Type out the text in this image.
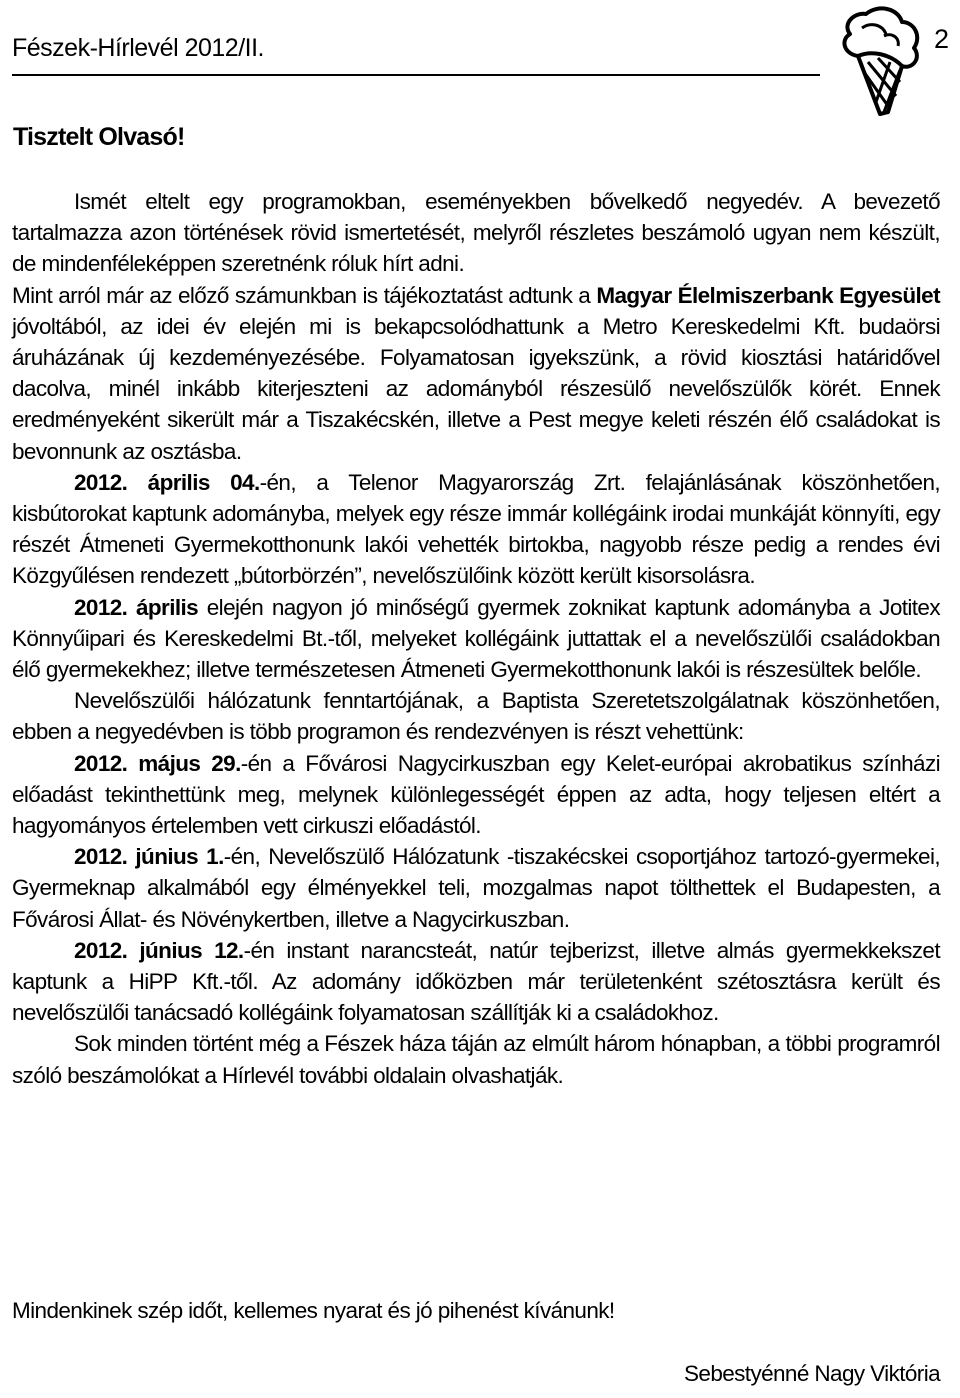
Fészek-Hírlevél 2012/II.	2
Tisztelt Olvasó!

Ismét eltelt egy programokban, eseményekben bővelkedő negyedév. A bevezető tartalmazza azon történések rövid ismertetését, melyről részletes beszámoló ugyan nem készült, de mindenféleképpen szeretnénk róluk hírt adni.

Mint arról már az előző számunkban is tájékoztatást adtunk a Magyar Élelmiszerbank Egyesület jóvoltából, az idei év elején mi is bekapcsolódhattunk a Metro Kereskedelmi Kft. budaörsi áruházának új kezdeményezésébe. Folyamatosan igyekszünk, a rövid kiosztási határidővel dacolva, minél inkább kiterjeszteni az adományból részesülő nevelőszülők körét. Ennek eredményeként sikerült már a Tiszakécskén, illetve a Pest megye keleti részén élő családokat is bevonnunk az osztásba.

2012. április 04.-én, a Telenor Magyarország Zrt. felajánlásának köszönhetően, kisbútorokat kaptunk adományba, melyek egy része immár kollégáink irodai munkáját könnyíti, egy részét Átmeneti Gyermekotthonunk lakói vehették birtokba, nagyobb része pedig a rendes évi Közgyűlésen rendezett „bútorbörzén”, nevelőszülőink között került kisorsolásra.

2012. április elején nagyon jó minőségű gyermek zoknikat kaptunk adományba a Jotitex Könnyűipari és Kereskedelmi Bt.-től, melyeket kollégáink juttattak el a nevelőszülői családokban élő gyermekekhez; illetve természetesen Átmeneti Gyermekotthonunk lakói is részesültek belőle.

Nevelőszülői hálózatunk fenntartójának, a Baptista Szeretetszolgálatnak köszönhetően, ebben a negyedévben is több programon és rendezvényen is részt vehettünk:

2012. május 29.-én a Fővárosi Nagycirkuszban egy Kelet-európai akrobatikus színházi előadást tekinthettünk meg, melynek különlegességét éppen az adta, hogy teljesen eltért a hagyományos értelemben vett cirkuszi előadástól.

2012. június 1.-én, Nevelőszülő Hálózatunk -tiszakécskei csoportjához tartozó-gyermekei, Gyermeknap alkalmából egy élményekkel teli, mozgalmas napot tölthettek el Budapesten, a Fővárosi Állat- és Növénykertben, illetve a Nagycirkuszban.

2012. június 12.-én instant narancsteát, natúr tejberizst, illetve almás gyermekkekszet kaptunk a HiPP Kft.-től. Az adomány időközben már területenként szétosztásra került és nevelőszülői tanácsadó kollégáink folyamatosan szállítják ki a családokhoz.

Sok minden történt még a Fészek háza táján az elmúlt három hónapban, a többi programról szóló beszámolókat a Hírlevél további oldalain olvashatják.

Mindenkinek szép időt, kellemes nyarat és jó pihenést kívánunk!
Sebestyénné Nagy Viktória
